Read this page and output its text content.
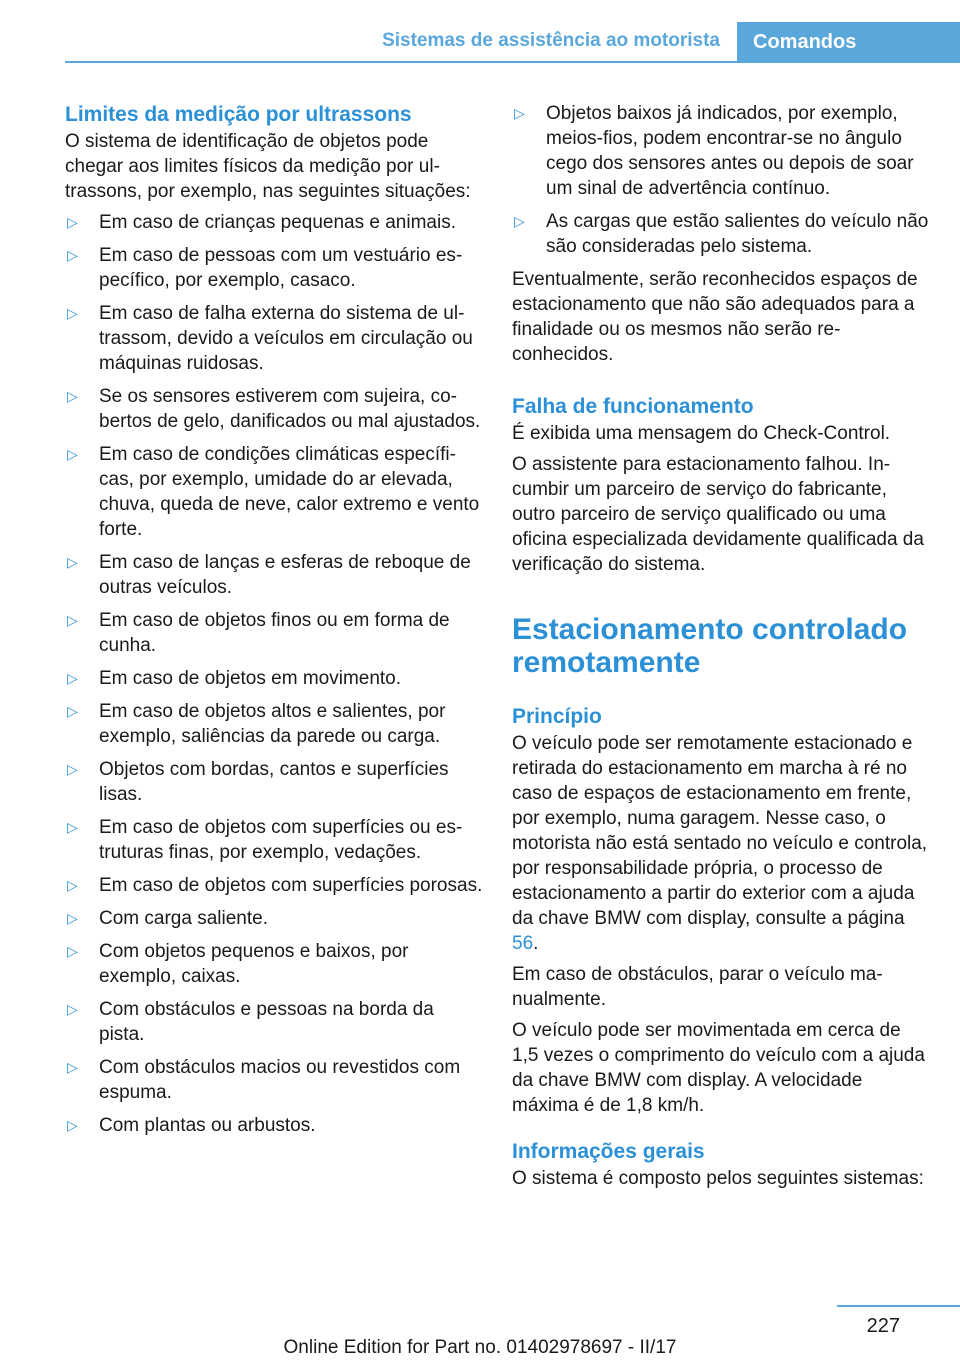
Sistemas de assistência ao motorista Comandos
Limites da medição por ultrassons

O sistema de identificação de objetos pode chegar aos limites físicos da medição por ultrassons, por exemplo, nas seguintes situações:

▷ Em caso de crianças pequenas e animais.
▷ Em caso de pessoas com um vestuário específico, por exemplo, casaco.
▷ Em caso de falha externa do sistema de ultrassom, devido a veículos em circulação ou máquinas ruidosas.
▷ Se os sensores estiverem com sujeira, cobertos de gelo, danificados ou mal ajustados.
▷ Em caso de condições climáticas específicas, por exemplo, umidade do ar elevada, chuva, queda de neve, calor extremo e vento forte.
▷ Em caso de lanças e esferas de reboque de outras veículos.
▷ Em caso de objetos finos ou em forma de cunha.
▷ Em caso de objetos em movimento.
▷ Em caso de objetos altos e salientes, por exemplo, saliências da parede ou carga.
▷ Objetos com bordas, cantos e superfícies lisas.
▷ Em caso de objetos com superfícies ou estruturas finas, por exemplo, vedações.
▷ Em caso de objetos com superfícies porosas.
▷ Com carga saliente.
▷ Com objetos pequenos e baixos, por exemplo, caixas.
▷ Com obstáculos e pessoas na borda da pista.
▷ Com obstáculos macios ou revestidos com espuma.
▷ Com plantas ou arbustos.
▷ Objetos baixos já indicados, por exemplo, meios-fios, podem encontrar-se no ângulo cego dos sensores antes ou depois de soar um sinal de advertência contínuo.
▷ As cargas que estão salientes do veículo não são consideradas pelo sistema.

Eventualmente, serão reconhecidos espaços de estacionamento que não são adequados para a finalidade ou os mesmos não serão reconhecidos.

Falha de funcionamento

É exibida uma mensagem do Check-Control.

O assistente para estacionamento falhou. Incumbir um parceiro de serviço do fabricante, outro parceiro de serviço qualificado ou uma oficina especializada devidamente qualificada da verificação do sistema.

Estacionamento controlado remotamente
Princípio

O veículo pode ser remotamente estacionado e retirada do estacionamento em marcha à ré no caso de espaços de estacionamento em frente, por exemplo, numa garagem. Nesse caso, o motorista não está sentado no veículo e controla, por responsabilidade própria, o processo de estacionamento a partir do exterior com a ajuda da chave BMW com display, consulte a página 56.

Em caso de obstáculos, parar o veículo manualmente.

O veículo pode ser movimentada em cerca de 1,5 vezes o comprimento do veículo com a ajuda da chave BMW com display. A velocidade máxima é de 1,8 km/h.

Informações gerais

O sistema é composto pelos seguintes sistemas:

227
Online Edition for Part no. 01402978697 - II/17
